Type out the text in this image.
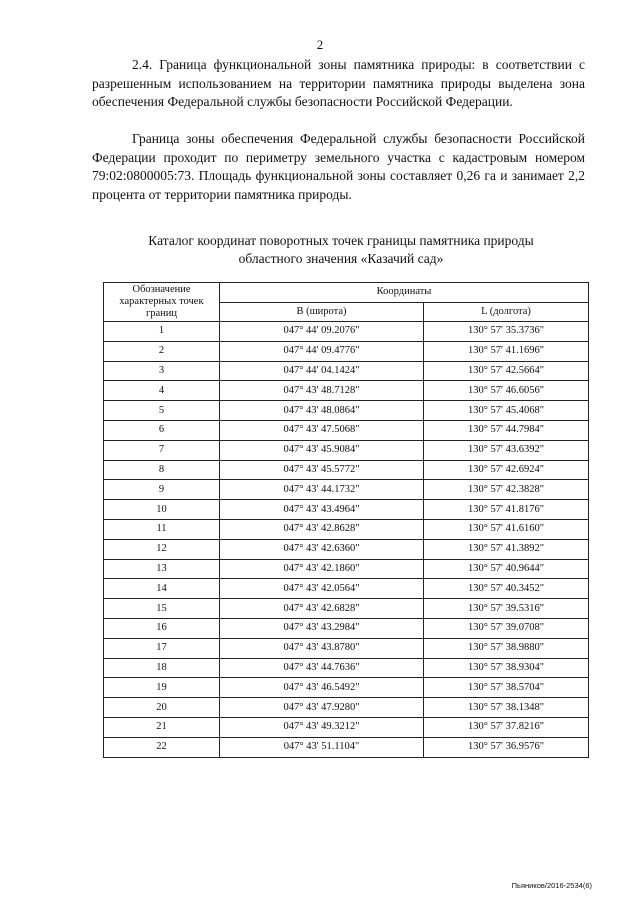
2

2.4. Граница функциональной зоны памятника природы: в соответствии с разрешенным использованием на территории памятника природы выделена зона обеспечения Федеральной службы безопасности Российской Федерации.

Граница зоны обеспечения Федеральной службы безопасности Российской Федерации проходит по периметру земельного участка с кадастровым номером 79:02:0800005:73. Площадь функциональной зоны составляет 0,26 га и занимает 2,2 процента от территории памятника природы.

Каталог координат поворотных точек границы памятника природы
областного значения «Казачий сад»
Обозначение характерных точек границ	Координаты	
	В (широта)	L (долгота)
1	047° 44' 09.2076"	130° 57' 35.3736"
2	047° 44' 09.4776"	130° 57' 41.1696"
3	047° 44' 04.1424"	130° 57' 42.5664"
4	047° 43' 48.7128"	130° 57' 46.6056"
5	047° 43' 48.0864"	130° 57' 45.4068"
6	047° 43' 47.5068"	130° 57' 44.7984"
7	047° 43' 45.9084"	130° 57' 43.6392"
8	047° 43' 45.5772"	130° 57' 42.6924"
9	047° 43' 44.1732"	130° 57' 42.3828"
10	047° 43' 43.4964"	130° 57' 41.8176"
11	047° 43' 42.8628"	130° 57' 41.6160"
12	047° 43' 42.6360"	130° 57' 41.3892"
13	047° 43' 42.1860"	130° 57' 40.9644"
14	047° 43' 42.0564"	130° 57' 40.3452"
15	047° 43' 42.6828"	130° 57' 39.5316"
16	047° 43' 43.2984"	130° 57' 39.0708"
17	047° 43' 43.8780"	130° 57' 38.9880"
18	047° 43' 44.7636"	130° 57' 38.9304"
19	047° 43' 46.5492"	130° 57' 38.5704"
20	047° 43' 47.9280"	130° 57' 38.1348"
21	047° 43' 49.3212"	130° 57' 37.8216"
22	047° 43' 51.1104"	130° 57' 36.9576"
Пьяников/2016-2534(6)
